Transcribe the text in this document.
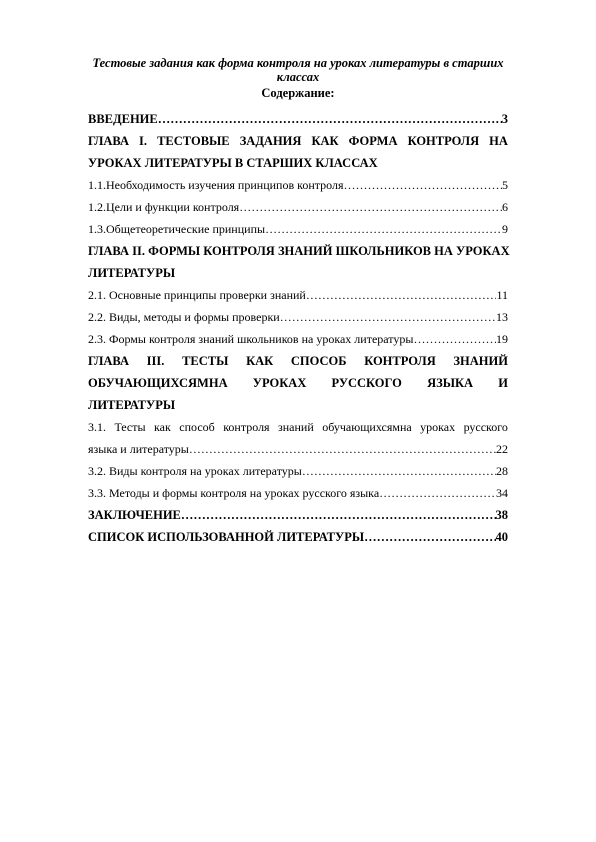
Тестовые задания как форма контроля на уроках литературы в старших
классах

Содержание:

ВВЕДЕНИЕ ……………………………………………………………………………………………………………………………………………………	3
ГЛАВА I. ТЕСТОВЫЕ ЗАДАНИЯ КАК ФОРМА КОНТРОЛЯ НА
УРОКАХ ЛИТЕРАТУРЫ В СТАРШИХ КЛАССАХ
1.1. Необходимость изучения принципов контроля ……………………………………………………………………………………………………………………………………………………	5
1.2. Цели и функции контроля ……………………………………………………………………………………………………………………………………………………	6
1.3. Общетеоретические принципы ……………………………………………………………………………………………………………………………………………………	9
ГЛАВА II. ФОРМЫ КОНТРОЛЯ ЗНАНИЙ ШКОЛЬНИКОВ НА УРОКАХ
ЛИТЕРАТУРЫ
2.1. Основные принципы проверки знаний ……………………………………………………………………………………………………………………………………………………	11
2.2. Виды, методы и формы проверки ……………………………………………………………………………………………………………………………………………………	13
2.3. Формы контроля знаний школьников на уроках литературы ……………………………………………………………………………………………………………………………………………………	19
ГЛАВА III. ТЕСТЫ КАК СПОСОБ КОНТРОЛЯ ЗНАНИЙ
ОБУЧАЮЩИХСЯМНА УРОКАХ РУССКОГО ЯЗЫКА И
ЛИТЕРАТУРЫ
3.1. Тесты как способ контроля знаний обучающихсямна уроках русского
языка и литературы ……………………………………………………………………………………………………………………………………………………	22
3.2. Виды контроля на уроках литературы ……………………………………………………………………………………………………………………………………………………	28
3.3. Методы и формы контроля на уроках русского языка ……………………………………………………………………………………………………………………………………………………	34
ЗАКЛЮЧЕНИЕ ……………………………………………………………………………………………………………………………………………………	38
СПИСОК ИСПОЛЬЗОВАННОЙ ЛИТЕРАТУРЫ ……………………………………………………………………………………………………………………………………………………	40
